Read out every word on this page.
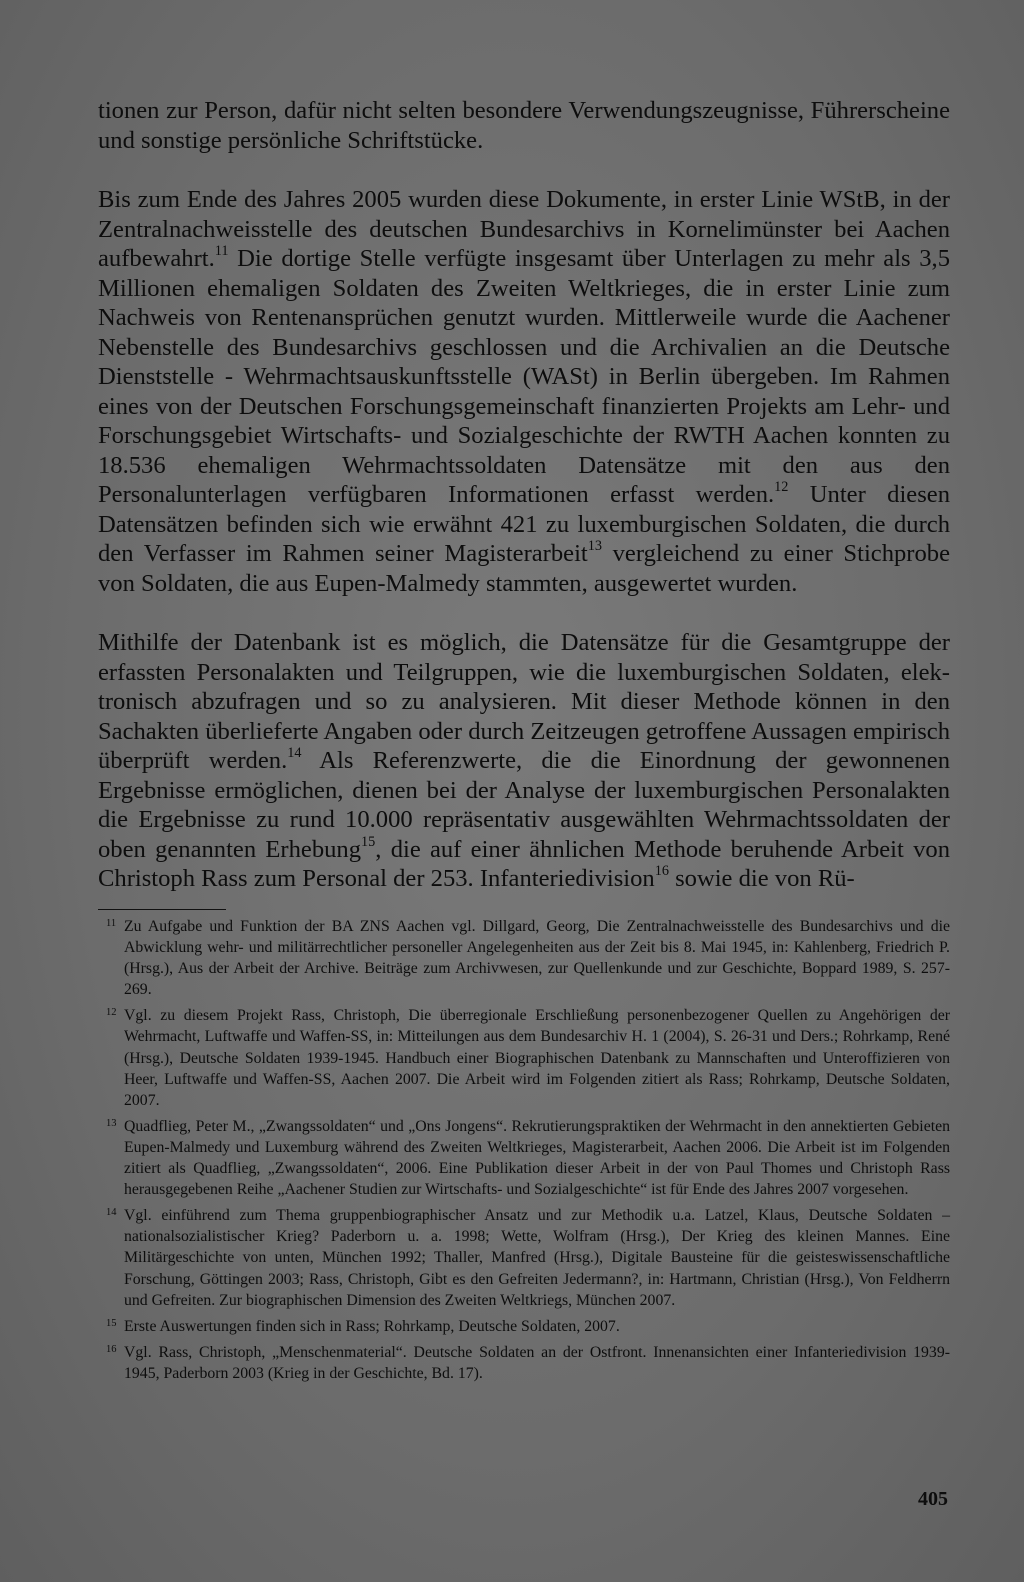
tionen zur Person, dafür nicht selten besondere Verwendungszeugnisse, Führerscheine und sonstige persönliche Schriftstücke.

Bis zum Ende des Jahres 2005 wurden diese Dokumente, in erster Linie WStB, in der Zentralnachweisstelle des deutschen Bundesarchivs in Kornelimünster bei Aachen aufbewahrt.$^{11}$ Die dortige Stelle verfügte insgesamt über Unterlagen zu mehr als 3,5 Millionen ehemaligen Soldaten des Zweiten Weltkrieges, die in erster Linie zum Nachweis von Rentenansprüchen genutzt wurden. Mittlerweile wurde die Aachener Nebenstelle des Bundesarchivs geschlossen und die Archivalien an die Deutsche Dienststelle - Wehrmachtsauskunftsstelle (WASt) in Berlin übergeben. Im Rahmen eines von der Deutschen Forschungsgemeinschaft finanzierten Projekts am Lehr- und Forschungsgebiet Wirtschafts- und Sozialgeschichte der RWTH Aachen konnten zu 18.536 ehemaligen Wehrmachtssoldaten Datensätze mit den aus den Personalunterlagen verfügbaren Informationen erfasst werden.$^{12}$ Unter diesen Datensätzen befinden sich wie erwähnt 421 zu luxemburgischen Soldaten, die durch den Verfasser im Rahmen seiner Magisterarbeit$^{13}$ vergleichend zu einer Stichprobe von Soldaten, die aus Eupen-Malmedy stammten, ausgewertet wurden.

Mithilfe der Datenbank ist es möglich, die Datensätze für die Gesamtgruppe der erfassten Personalakten und Teilgruppen, wie die luxemburgischen Soldaten, elektronisch abzufragen und so zu analysieren. Mit dieser Methode können in den Sachakten überlieferte Angaben oder durch Zeitzeugen getroffene Aussagen empirisch überprüft werden.$^{14}$ Als Referenzwerte, die die Einordnung der gewonnenen Ergebnisse ermöglichen, dienen bei der Analyse der luxemburgischen Personalakten die Ergebnisse zu rund 10.000 repräsentativ ausgewählten Wehrmachtssoldaten der oben genannten Erhebung$^{15}$, die auf einer ähnlichen Methode beruhende Arbeit von Christoph Rass zum Personal der 253. Infanteriedivision$^{16}$ sowie die von Rü-

11 Zu Aufgabe und Funktion der BA ZNS Aachen vgl. Dillgard, Georg, Die Zentralnachweisstelle des Bundesarchivs und die Abwicklung wehr- und militärrechtlicher personeller Angelegenheiten aus der Zeit bis 8. Mai 1945, in: Kahlenberg, Friedrich P. (Hrsg.), Aus der Arbeit der Archive. Beiträge zum Archivwesen, zur Quellenkunde und zur Geschichte, Boppard 1989, S. 257-269.
12 Vgl. zu diesem Projekt Rass, Christoph, Die überregionale Erschließung personenbezogener Quellen zu Angehörigen der Wehrmacht, Luftwaffe und Waffen-SS, in: Mitteilungen aus dem Bundesarchiv H. 1 (2004), S. 26-31 und Ders.; Rohrkamp, René (Hrsg.), Deutsche Soldaten 1939-1945. Handbuch einer Biographischen Datenbank zu Mannschaften und Unteroffizieren von Heer, Luftwaffe und Waffen-SS, Aachen 2007. Die Arbeit wird im Folgenden zitiert als Rass; Rohrkamp, Deutsche Soldaten, 2007.
13 Quadflieg, Peter M., „Zwangssoldaten“ und „Ons Jongens“. Rekrutierungspraktiken der Wehrmacht in den annektierten Gebieten Eupen-Malmedy und Luxemburg während des Zweiten Weltkrieges, Magisterarbeit, Aachen 2006. Die Arbeit ist im Folgenden zitiert als Quadflieg, „Zwangssoldaten“, 2006. Eine Publikation dieser Arbeit in der von Paul Thomes und Christoph Rass herausgegebenen Reihe „Aachener Studien zur Wirtschafts- und Sozialgeschichte“ ist für Ende des Jahres 2007 vorgesehen.
14 Vgl. einführend zum Thema gruppenbiographischer Ansatz und zur Methodik u.a. Latzel, Klaus, Deutsche Soldaten – nationalsozialistischer Krieg? Paderborn u. a. 1998; Wette, Wolfram (Hrsg.), Der Krieg des kleinen Mannes. Eine Militärgeschichte von unten, München 1992; Thaller, Manfred (Hrsg.), Digitale Bausteine für die geisteswissenschaftliche Forschung, Göttingen 2003; Rass, Christoph, Gibt es den Gefreiten Jedermann?, in: Hartmann, Christian (Hrsg.), Von Feldherrn und Gefreiten. Zur biographischen Dimension des Zweiten Weltkriegs, München 2007.
15 Erste Auswertungen finden sich in Rass; Rohrkamp, Deutsche Soldaten, 2007.
16 Vgl. Rass, Christoph, „Menschenmaterial“. Deutsche Soldaten an der Ostfront. Innenansichten einer Infanteriedivision 1939-1945, Paderborn 2003 (Krieg in der Geschichte, Bd. 17).
405
